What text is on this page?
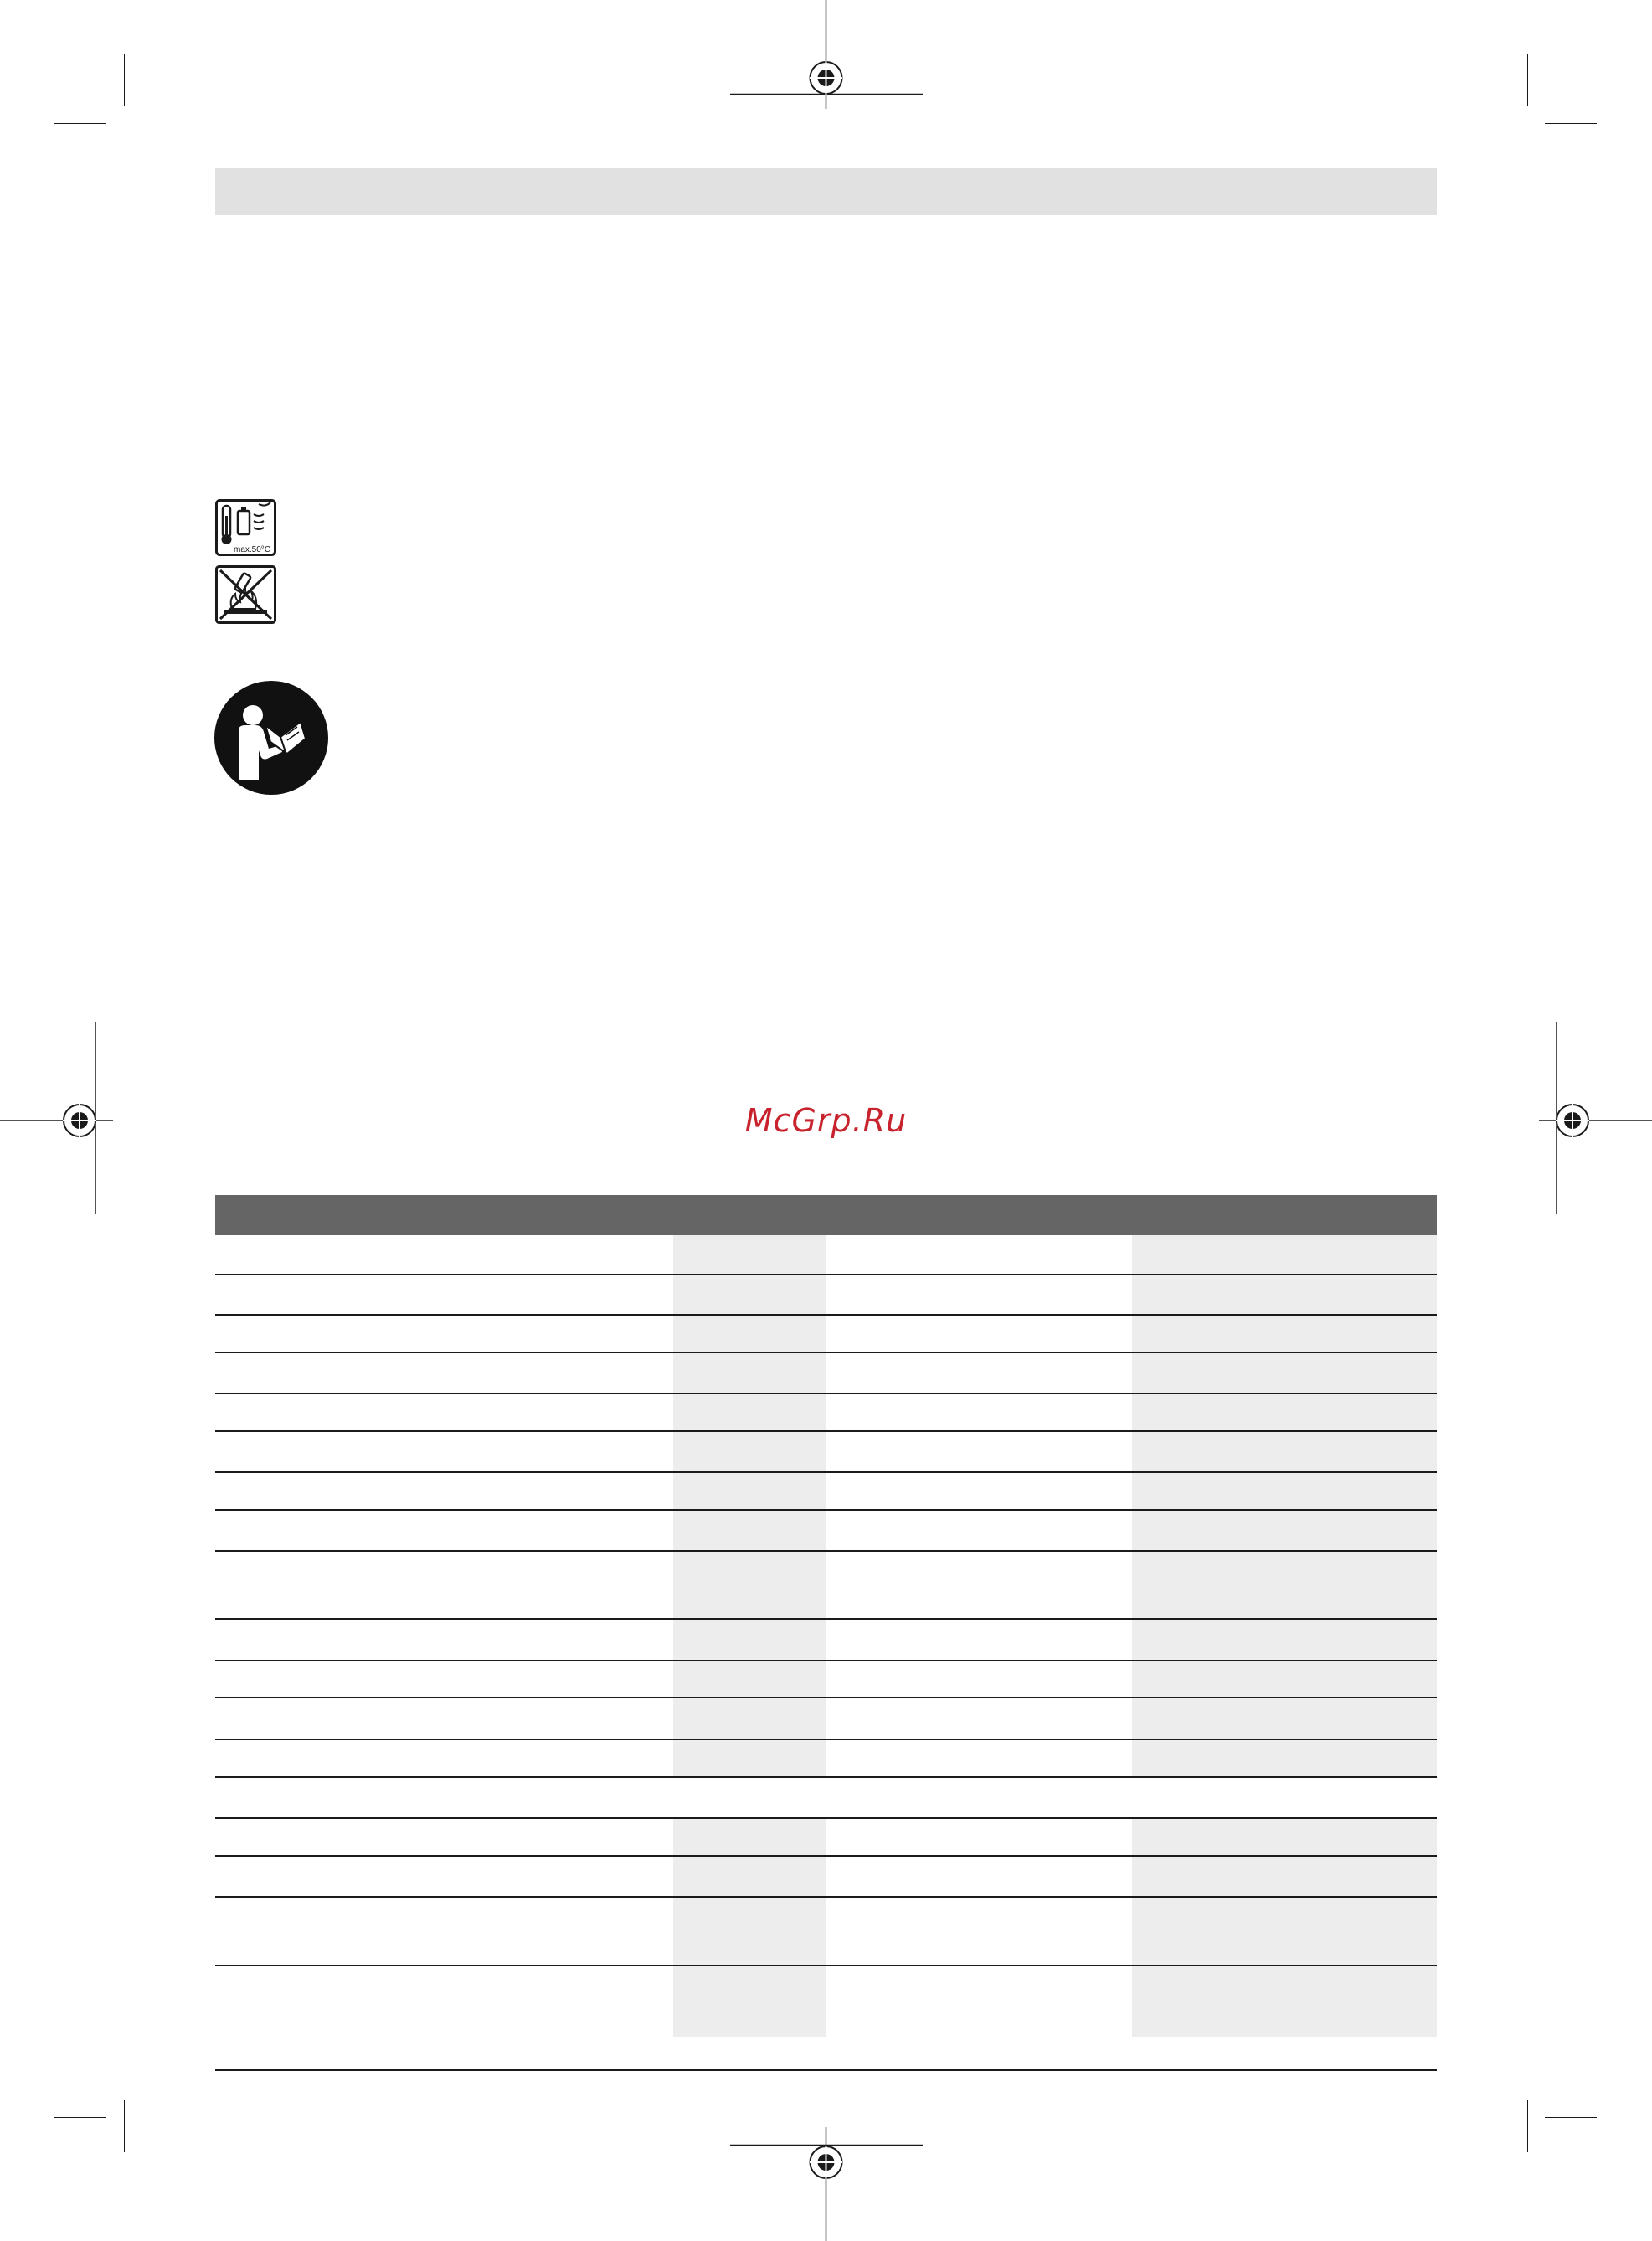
max.50°C
McGrp.Ru
